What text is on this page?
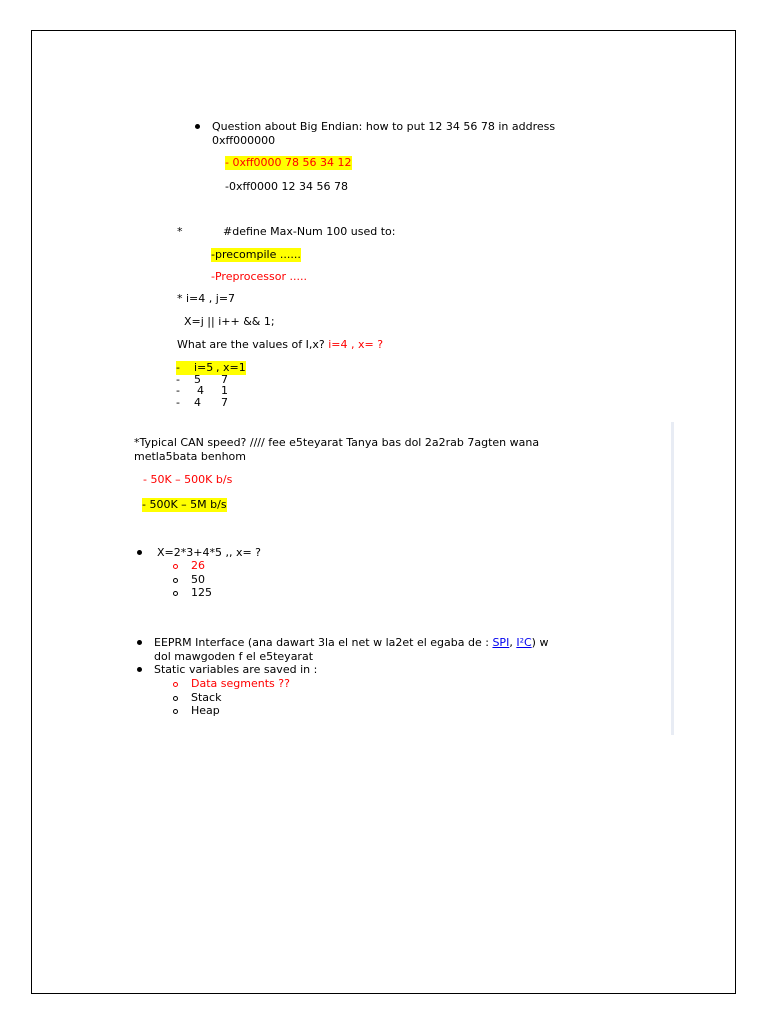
Question about Big Endian: how to put 12 34 56 78 in address
0xff000000
- 0xff0000 78 56 34 12
-0xff0000 12 34 56 78
*	#define Max-Num 100 used to:
-precompile ......
-Preprocessor .....
* i=4 , j=7
X=j || i++ && 1;
What are the values of I,x? i=4 , x= ?
- i=5 , x=1
- 5 7
- 4 1
- 4 7
*Typical CAN speed? //// fee e5teyarat Tanya bas dol 2a2rab 7agten wana
metla5bata benhom
- 50K – 500K b/s
- 500K – 5M b/s
X=2*3+4*5 ,, x= ?
26
50
125
EEPRM Interface (ana dawart 3la el net w la2et el egaba de : SPI, I²C) w
dol mawgoden f el e5teyarat
Static variables are saved in :
Data segments ??
Stack
Heap
